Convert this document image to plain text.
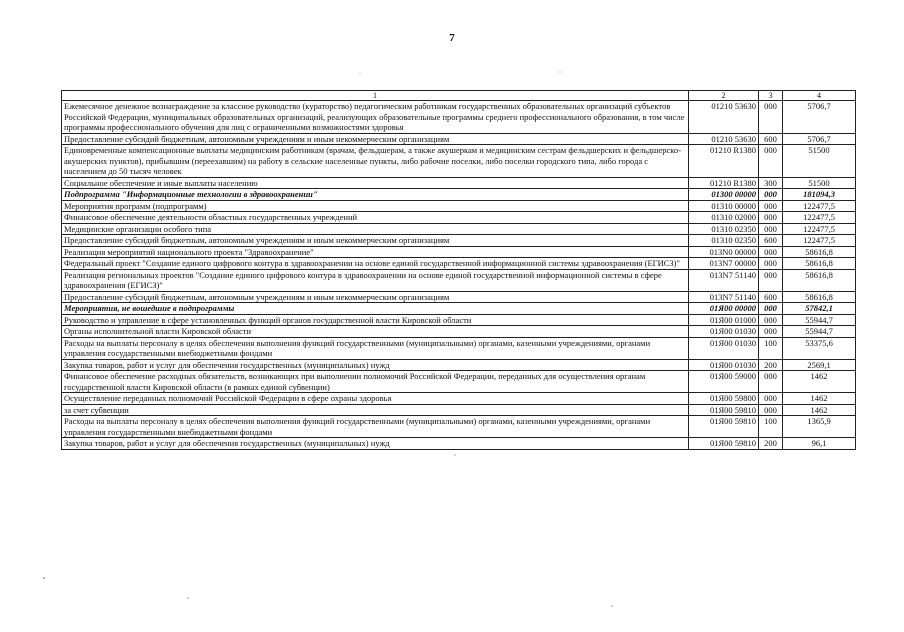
7
1	2	3	4
Ежемесячное денежное вознаграждение за классное руководство (кураторство) педагогическим работникам государственных образовательных организаций субъектов Российской Федерации, муниципальных образовательных организаций, реализующих образовательные программы среднего профессионального образования, в том числе программы профессионального обучения для лиц с ограниченными возможностями здоровья	01210 53630	000	5706,7
Предоставление субсидий бюджетным, автономным учреждениям и иным некоммерческим организациям	01210 53630	600	5706,7
Единовременные компенсационные выплаты медицинским работникам (врачам, фельдшерам, а также акушеркам и медицинским сестрам фельдшерских и фельдшерско-акушерских пунктов), прибывшим (переехавшим) на работу в сельские населенные пункты, либо рабочие поселки, либо поселки городского типа, либо города с населением до 50 тысяч человек	01210 R1380	000	51500
Социальное обеспечение и иные выплаты населению	01210 R1380	300	51500
Подпрограмма "Информационные технологии в здравоохранении"	01300 00000	000	181094,3
Мероприятия программ (подпрограмм)	01310 00000	000	122477,5
Финансовое обеспечение деятельности областных государственных учреждений	01310 02000	000	122477,5
Медицинские организации особого типа	01310 02350	000	122477,5
Предоставление субсидий бюджетным, автономным учреждениям и иным некоммерческим организациям	01310 02350	600	122477,5
Реализация мероприятий национального проекта "Здравоохранение"	013N0 00000	000	58616,8
Федеральный проект "Создание единого цифрового контура в здравоохранении на основе единой государственной информационной системы здравоохранения (ЕГИСЗ)"	013N7 00000	000	58616,8
Реализация региональных проектов "Создание единого цифрового контура в здравоохранении на основе единой государственной информационной системы в сфере здравоохранения (ЕГИСЗ)"	013N7 51140	000	58616,8
Предоставление субсидий бюджетным, автономным учреждениям и иным некоммерческим организациям	013N7 51140	600	58616,8
Мероприятия, не вошедшие в подпрограммы	01Я00 00000	000	57842,1
Руководство и управление в сфере установленных функций органов государственной власти Кировской области	01Я00 01000	000	55944,7
Органы исполнительной власти Кировской области	01Я00 01030	000	55944,7
Расходы на выплаты персоналу в целях обеспечения выполнения функций государственными (муниципальными) органами, казенными учреждениями, органами управления государственными внебюджетными фондами	01Я00 01030	100	53375,6
Закупка товаров, работ и услуг для обеспечения государственных (муниципальных) нужд	01Я00 01030	200	2569,1
Финансовое обеспечение расходных обязательств, возникающих при выполнении полномочий Российской Федерации, переданных для осуществления органам государственной власти Кировской области (в рамках единой субвенции)	01Я00 59000	000	1462
Осуществление переданных полномочий Российской Федерации в сфере охраны здоровья	01Я00 59800	000	1462
за счет субвенции	01Я00 59810	000	1462
Расходы на выплаты персоналу в целях обеспечения выполнения функций государственными (муниципальными) органами, казенными учреждениями, органами управления государственными внебюджетными фондами	01Я00 59810	100	1365,9
Закупка товаров, работ и услуг для обеспечения государственных (муниципальных) нужд	01Я00 59810	200	96,1
